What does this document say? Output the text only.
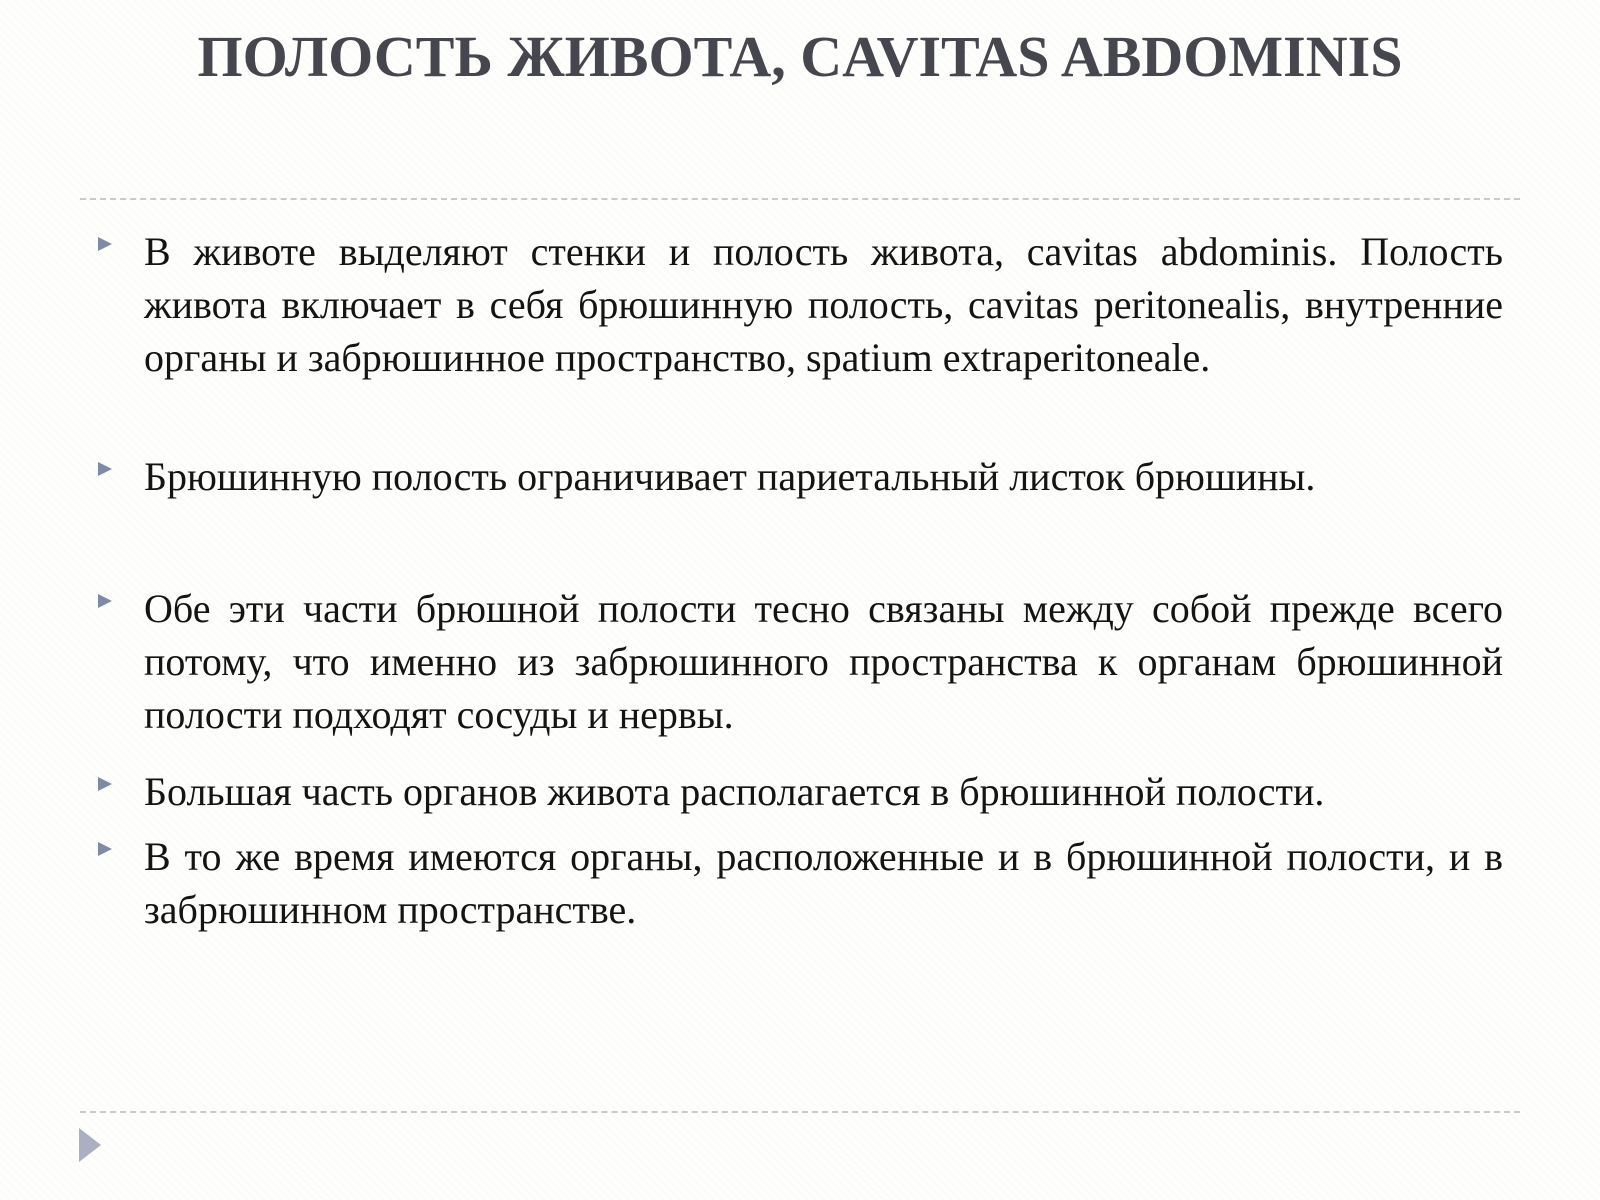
ПОЛОСТЬ ЖИВОТА, CAVITAS ABDOMINIS
В животе выделяют стенки и полость живота, cavitas abdominis. Полость живота включает в себя брюшинную полость, cavitas peritonealis, внутренние органы и забрюшинное пространство, spatium extraperitoneale.
Брюшинную полость ограничивает париетальный листок брюшины.
Обе эти части брюшной полости тесно связаны между собой прежде всего потому, что именно из забрюшинного пространства к органам брюшинной полости подходят сосуды и нервы.
Большая часть органов живота располагается в брюшинной полости.
В то же время имеются органы, расположенные и в брюшинной полости, и в забрюшинном пространстве.
